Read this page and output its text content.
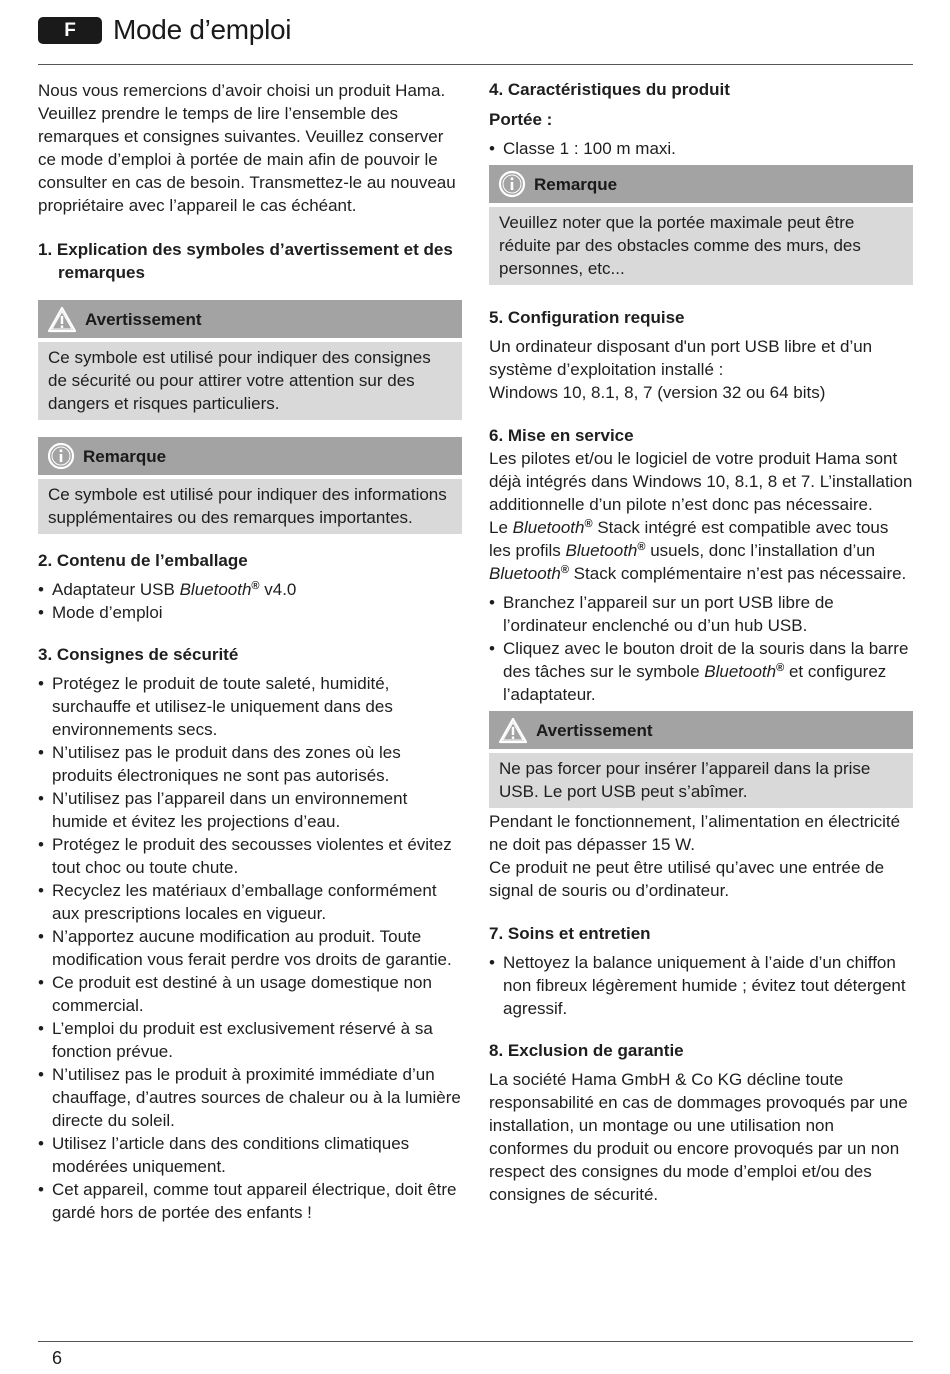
F	Mode d’emploi

Nous vous remercions d’avoir choisi un produit Hama. Veuillez prendre le temps de lire l’ensemble des remarques et consignes suivantes. Veuillez conserver ce mode d’emploi à portée de main afin de pouvoir le consulter en cas de besoin. Transmettez-le au nouveau propriétaire avec l’appareil le cas échéant.

1. Explication des symboles d’avertissement et des remarques
Avertissement
Ce symbole est utilisé pour indiquer des consignes de sécurité ou pour attirer votre attention sur des dangers et risques particuliers.
Remarque
Ce symbole est utilisé pour indiquer des informations supplémentaires ou des remarques importantes.
2. Contenu de l’emballage
• Adaptateur USB Bluetooth® v4.0
• Mode d’emploi
3. Consignes de sécurité
• Protégez le produit de toute saleté, humidité, surchauffe et utilisez-le uniquement dans des environnements secs.
• N’utilisez pas le produit dans des zones où les produits électroniques ne sont pas autorisés.
• N’utilisez pas l’appareil dans un environnement humide et évitez les projections d’eau.
• Protégez le produit des secousses violentes et évitez tout choc ou toute chute.
• Recyclez les matériaux d’emballage conformément aux prescriptions locales en vigueur.
• N’apportez aucune modification au produit. Toute modification vous ferait perdre vos droits de garantie.
• Ce produit est destiné à un usage domestique non commercial.
• L’emploi du produit est exclusivement réservé à sa fonction prévue.
• N’utilisez pas le produit à proximité immédiate d’un chauffage, d’autres sources de chaleur ou à la lumière directe du soleil.
• Utilisez l’article dans des conditions climatiques modérées uniquement.
• Cet appareil, comme tout appareil électrique, doit être gardé hors de portée des enfants !
4. Caractéristiques du produit

Portée :

• Classe 1 : 100 m maxi.
Remarque
Veuillez noter que la portée maximale peut être réduite par des obstacles comme des murs, des personnes, etc...
5. Configuration requise

Un ordinateur disposant d'un port USB libre et d’un système d’exploitation installé :

Windows 10, 8.1, 8, 7 (version 32 ou 64 bits)

6. Mise en service

Les pilotes et/ou le logiciel de votre produit Hama sont déjà intégrés dans Windows 10, 8.1, 8 et 7. L’installation additionnelle d’un pilote n’est donc pas nécessaire.

Le Bluetooth® Stack intégré est compatible avec tous les profils Bluetooth® usuels, donc l’installation d’un Bluetooth® Stack complémentaire n’est pas nécessaire.

• Branchez l’appareil sur un port USB libre de l’ordinateur enclenché ou d’un hub USB.
• Cliquez avec le bouton droit de la souris dans la barre des tâches sur le symbole Bluetooth® et configurez l’adaptateur.
Avertissement
Ne pas forcer pour insérer l’appareil dans la prise USB. Le port USB peut s’abîmer.

Pendant le fonctionnement, l’alimentation en électricité ne doit pas dépasser 15 W.

Ce produit ne peut être utilisé qu’avec une entrée de signal de souris ou d’ordinateur.

7. Soins et entretien
• Nettoyez la balance uniquement à l’aide d’un chiffon non fibreux légèrement humide ; évitez tout détergent agressif.
8. Exclusion de garantie

La société Hama GmbH & Co KG décline toute responsabilité en cas de dommages provoqués par une installation, un montage ou une utilisation non conformes du produit ou encore provoqués par un non respect des consignes du mode d’emploi et/ou des consignes de sécurité.

6
